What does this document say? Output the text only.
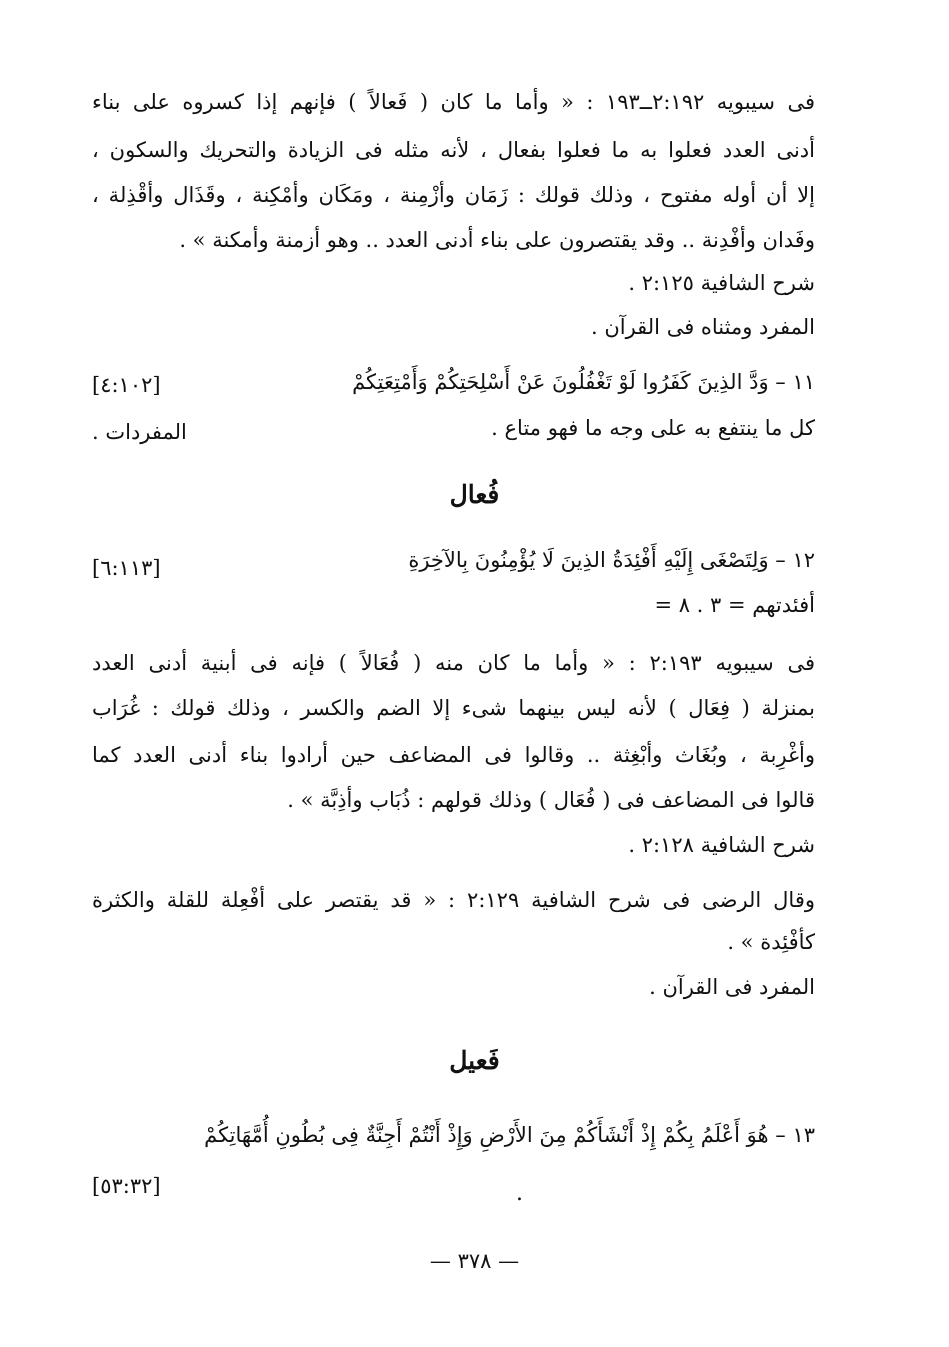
فى سيبويه ٢:١٩٢ــ١٩٣ : « وأما ما كان ( فَعالاً ) فإنهم إذا كسروه على بناء
أدنى العدد فعلوا به ما فعلوا بفعال ، لأنه مثله فى الزيادة والتحريك والسكون ،
إلا أن أوله مفتوح ، وذلك قولك : زَمَان وأزْمِنة ، ومَكَان وأمْكِنة ، وقَذَال وأقْذِلة ،
وفَدان وأفْدِنة .. وقد يقتصرون على بناء أدنى العدد .. وهو أزمنة وأمكنة » .
شرح الشافية ٢:١٢٥ .
المفرد ومثناه فى القرآن .
١١ – وَدَّ الذِينَ كَفَرُوا لَوْ تَغْفُلُونَ عَنْ أَسْلِحَتِكُمْ وَأَمْتِعَتِكُمْ
[٤:١٠٢]
كل ما ينتفع به على وجه ما فهو متاع .
المفردات .
فُعال
١٢ – وَلِتَصْغَى إِلَيْهِ أَفْئِدَةُ الذِينَ لَا يُؤْمِنُونَ بِالآخِرَةِ
[٦:١١٣]
أفئدتهم = ٣ . ٨ =
فى سيبويه ٢:١٩٣ : « وأما ما كان منه ( فُعَالاً ) فإنه فى أبنية أدنى العدد
بمنزلة ( فِعَال ) لأنه ليس بينهما شىء إلا الضم والكسر ، وذلك قولك : غُرَاب
وأغْرِبة ، وبُغَاث وأبْغِثة .. وقالوا فى المضاعف حين أرادوا بناء أدنى العدد كما
قالوا فى المضاعف فى ( فُعَال ) وذلك قولهم : ذُبَاب وأذِبَّة » .
شرح الشافية ٢:١٢٨ .
وقال الرضى فى شرح الشافية ٢:١٢٩ : « قد يقتصر على أفْعِلة للقلة والكثرة
كأفْئِدة » .
المفرد فى القرآن .
فَعيل
١٣ – هُوَ أَعْلَمُ بِكُمْ إِذْ أَنْشَأَكُمْ مِنَ الأَرْضِ وَإِذْ أَنْتُمْ أَجِنَّةٌ فِى بُطُونِ أُمَّهَاتِكُمْ
[٥٣:٣٢]	.
— ٣٧٨ —
